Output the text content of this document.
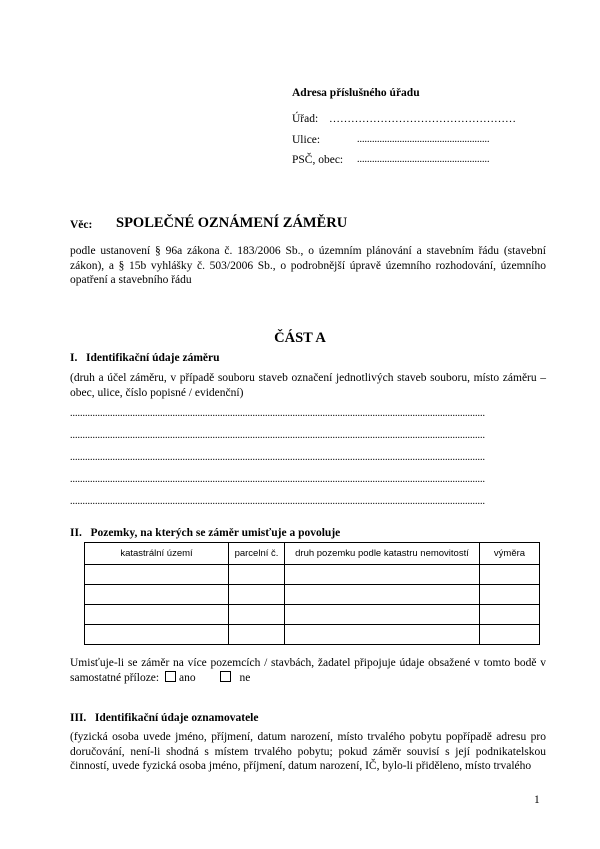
Adresa příslušného úřadu
Úřad: ……………………………………………
Ulice:	.....................................................
PSČ, obec: .....................................................
Věc: SPOLEČNÉ OZNÁMENÍ ZÁMĚRU
podle ustanovení § 96a zákona č. 183/2006 Sb., o územním plánování a stavebním řádu (stavební zákon), a § 15b vyhlášky č. 503/2006 Sb., o podrobnější úpravě územního rozhodování, územního opatření a stavebního řádu
ČÁST A
I.   Identifikační údaje záměru
(druh a účel záměru, v případě souboru staveb označení jednotlivých staveb souboru, místo záměru – obec, ulice, číslo popisné / evidenční)
......................................................................................................................................................................
......................................................................................................................................................................
......................................................................................................................................................................
......................................................................................................................................................................
......................................................................................................................................................................
II.   Pozemky, na kterých se záměr umisťuje a povoluje
katastrální území	parcelní č.	druh pozemku podle katastru nemovitostí	výměra

Umisťuje-li se záměr na více pozemcích / stavbách, žadatel připojuje údaje obsažené v tomto bodě v samostatné příloze: ano	ne
III.   Identifikační údaje oznamovatele
(fyzická osoba uvede jméno, příjmení, datum narození, místo trvalého pobytu popřípadě adresu pro doručování, není-li shodná s místem trvalého pobytu; pokud záměr souvisí s její podnikatelskou činností, uvede fyzická osoba jméno, příjmení, datum narození, IČ, bylo-li přiděleno, místo trvalého
1
